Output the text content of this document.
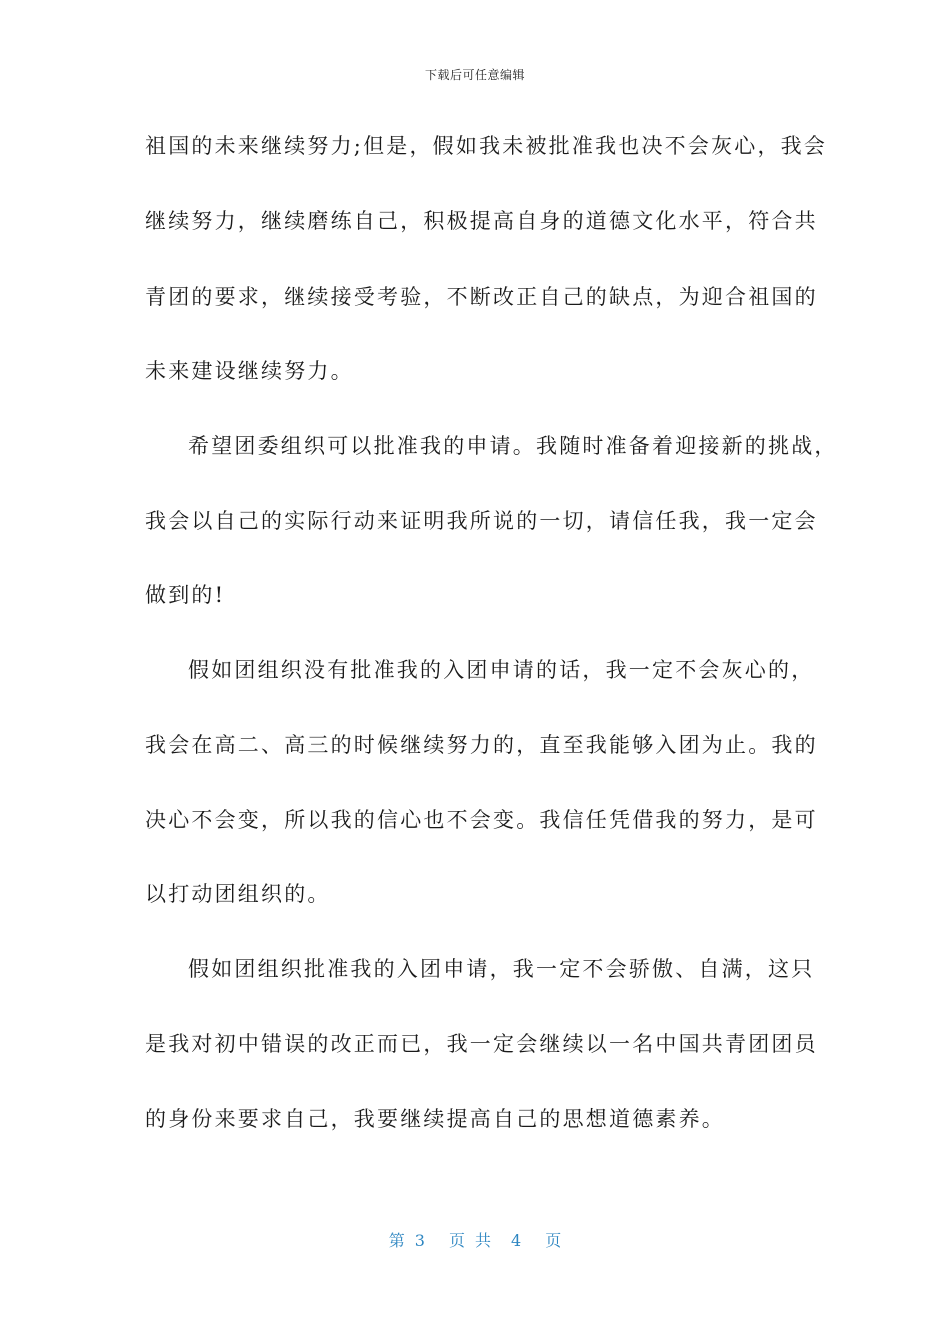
下载后可任意编辑
祖国的未来继续努力;但是，假如我未被批准我也决不会灰心，我会
继续努力，继续磨练自己，积极提高自身的道德文化水平，符合共
青团的要求，继续接受考验，不断改正自己的缺点，为迎合祖国的
未来建设继续努力。
希望团委组织可以批准我的申请。我随时准备着迎接新的挑战，
我会以自己的实际行动来证明我所说的一切，请信任我，我一定会
做到的!
假如团组织没有批准我的入团申请的话，我一定不会灰心的，
我会在高二、高三的时候继续努力的，直至我能够入团为止。我的
决心不会变，所以我的信心也不会变。我信任凭借我的努力，是可
以打动团组织的。
假如团组织批准我的入团申请，我一定不会骄傲、自满，这只
是我对初中错误的改正而已，我一定会继续以一名中国共青团团员
的身份来要求自己，我要继续提高自己的思想道德素养。
第 3 页共 4 页
